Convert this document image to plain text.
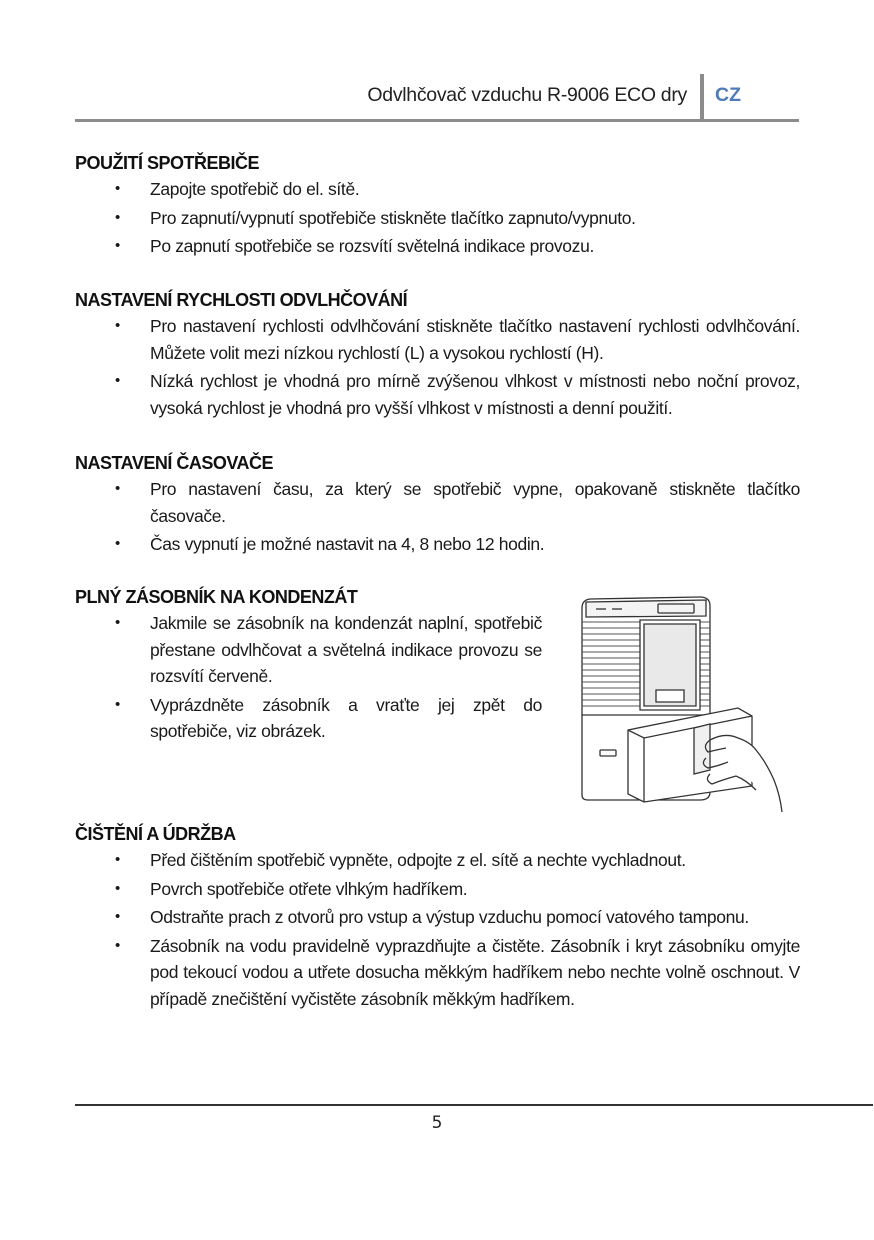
Odvlhčovač vzduchu R-9006 ECO dry CZ
POUŽITÍ SPOTŘEBIČE
• Zapojte spotřebič do el. sítě.
• Pro zapnutí/vypnutí spotřebiče stiskněte tlačítko zapnuto/vypnuto.
• Po zapnutí spotřebiče se rozsvítí světelná indikace provozu.
NASTAVENÍ RYCHLOSTI ODVLHČOVÁNÍ
• Pro nastavení rychlosti odvlhčování stiskněte tlačítko nastavení rychlosti odvlhčování. Můžete volit mezi nízkou rychlostí (L) a vysokou rychlostí (H).
• Nízká rychlost je vhodná pro mírně zvýšenou vlhkost v místnosti nebo noční provoz, vysoká rychlost je vhodná pro vyšší vlhkost v místnosti a denní použití.
NASTAVENÍ ČASOVAČE
• Pro nastavení času, za který se spotřebič vypne, opakovaně stiskněte tlačítko časovače.
• Čas vypnutí je možné nastavit na 4, 8 nebo 12 hodin.
PLNÝ ZÁSOBNÍK NA KONDENZÁT
• Jakmile se zásobník na kondenzát naplní, spotřebič přestane odvlhčovat a světelná indikace provozu se rozsvítí červeně.
• Vyprázdněte zásobník a vraťte jej zpět do spotřebiče, viz obrázek.
ČIŠTĚNÍ A ÚDRŽBA
• Před čištěním spotřebič vypněte, odpojte z el. sítě a nechte vychladnout.
• Povrch spotřebiče otřete vlhkým hadříkem.
• Odstraňte prach z otvorů pro vstup a výstup vzduchu pomocí vatového tamponu.
• Zásobník na vodu pravidelně vyprazdňujte a čistěte. Zásobník i kryt zásobníku omyjte pod tekoucí vodou a utřete dosucha měkkým hadříkem nebo nechte volně oschnout. V případě znečištění vyčistěte zásobník měkkým hadříkem.
5
